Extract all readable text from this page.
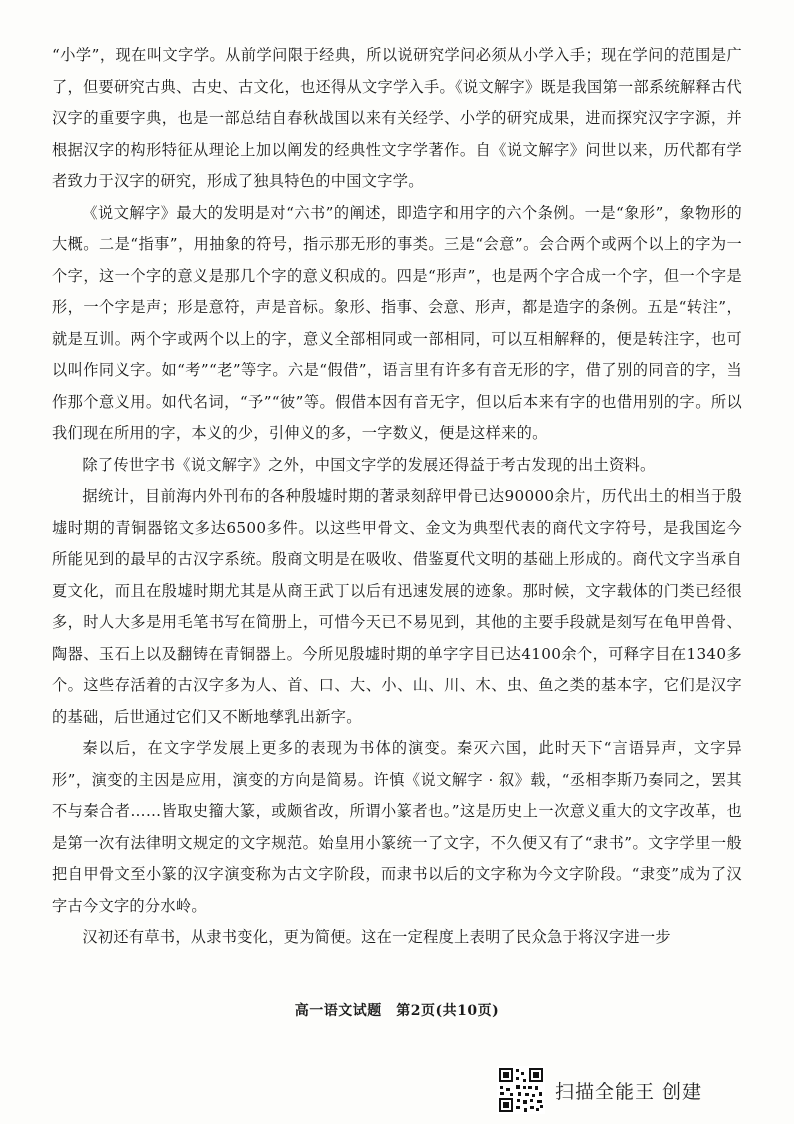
“小学”，现在叫文字学。从前学问限于经典，所以说研究学问必须从小学入手；现在学问的范围是广了，但要研究古典、古史、古文化，也还得从文字学入手。《说文解字》既是我国第一部系统解释古代汉字的重要字典，也是一部总结自春秋战国以来有关经学、小学的研究成果，进而探究汉字字源，并根据汉字的构形特征从理论上加以阐发的经典性文字学著作。自《说文解字》问世以来，历代都有学者致力于汉字的研究，形成了独具特色的中国文字学。

《说文解字》最大的发明是对“六书”的阐述，即造字和用字的六个条例。一是“象形”，象物形的大概。二是“指事”，用抽象的符号，指示那无形的事类。三是“会意”。会合两个或两个以上的字为一个字，这一个字的意义是那几个字的意义积成的。四是“形声”，也是两个字合成一个字，但一个字是形，一个字是声；形是意符，声是音标。象形、指事、会意、形声，都是造字的条例。五是“转注”，就是互训。两个字或两个以上的字，意义全部相同或一部相同，可以互相解释的，便是转注字，也可以叫作同义字。如“考”“老”等字。六是“假借”，语言里有许多有音无形的字，借了别的同音的字，当作那个意义用。如代名词，“予”“彼”等。假借本因有音无字，但以后本来有字的也借用别的字。所以我们现在所用的字，本义的少，引伸义的多，一字数义，便是这样来的。

除了传世字书《说文解字》之外，中国文字学的发展还得益于考古发现的出土资料。

据统计，目前海内外刊布的各种殷墟时期的著录刻辞甲骨已达90000余片，历代出土的相当于殷墟时期的青铜器铭文多达6500多件。以这些甲骨文、金文为典型代表的商代文字符号，是我国迄今所能见到的最早的古汉字系统。殷商文明是在吸收、借鉴夏代文明的基础上形成的。商代文字当承自夏文化，而且在殷墟时期尤其是从商王武丁以后有迅速发展的迹象。那时候，文字载体的门类已经很多，时人大多是用毛笔书写在简册上，可惜今天已不易见到，其他的主要手段就是刻写在龟甲兽骨、陶器、玉石上以及翻铸在青铜器上。今所见殷墟时期的单字字目已达4100余个，可释字目在1340多个。这些存活着的古汉字多为人、首、口、大、小、山、川、木、虫、鱼之类的基本字，它们是汉字的基础，后世通过它们又不断地孳乳出新字。

秦以后，在文字学发展上更多的表现为书体的演变。秦灭六国，此时天下“言语异声，文字异形”，演变的主因是应用，演变的方向是简易。许慎《说文解字 · 叙》载，“丞相李斯乃奏同之，罢其不与秦合者……皆取史籀大篆，或颇省改，所谓小篆者也。”这是历史上一次意义重大的文字改革，也是第一次有法律明文规定的文字规范。始皇用小篆统一了文字，不久便又有了“隶书”。文字学里一般把自甲骨文至小篆的汉字演变称为古文字阶段，而隶书以后的文字称为今文字阶段。“隶变”成为了汉字古今文字的分水岭。

汉初还有草书，从隶书变化，更为简便。这在一定程度上表明了民众急于将汉字进一步

高一语文试题　第2页(共10页)
扫描全能王 创建
